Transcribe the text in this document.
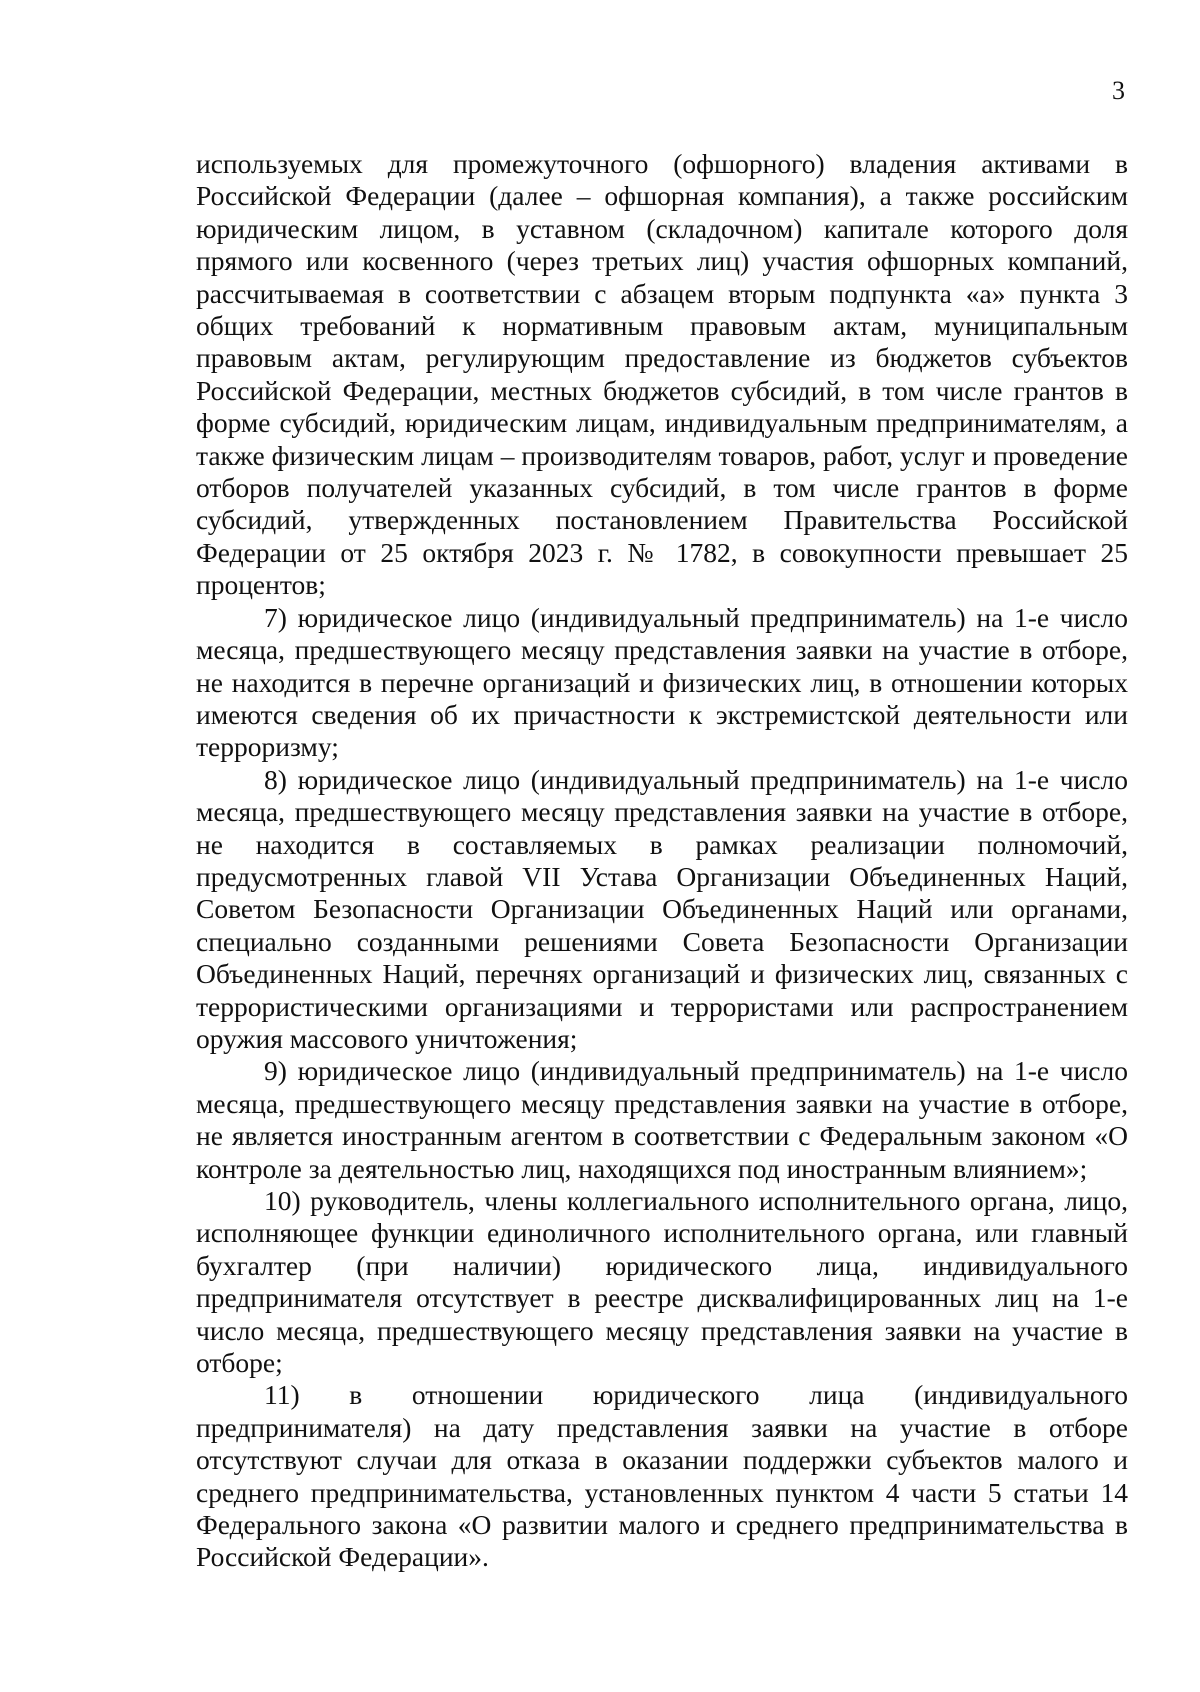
3

используемых для промежуточного (офшорного) владения активами в Российской Федерации (далее – офшорная компания), а также российским юридическим лицом, в уставном (складочном) капитале которого доля прямого или косвенного (через третьих лиц) участия офшорных компаний, рассчитываемая в соответствии с абзацем вторым подпункта «а» пункта 3 общих требований к нормативным правовым актам, муниципальным правовым актам, регулирующим предоставление из бюджетов субъектов Российской Федерации, местных бюджетов субсидий, в том числе грантов в форме субсидий, юридическим лицам, индивидуальным предпринимателям, а также физическим лицам – производителям товаров, работ, услуг и проведение отборов получателей указанных субсидий, в том числе грантов в форме субсидий, утвержденных постановлением Правительства Российской Федерации от 25 октября 2023 г. № 1782, в совокупности превышает 25 процентов;

7) юридическое лицо (индивидуальный предприниматель) на 1-е число месяца, предшествующего месяцу представления заявки на участие в отборе, не находится в перечне организаций и физических лиц, в отношении которых имеются сведения об их причастности к экстремистской деятельности или терроризму;

8) юридическое лицо (индивидуальный предприниматель) на 1-е число месяца, предшествующего месяцу представления заявки на участие в отборе, не находится в составляемых в рамках реализации полномочий, предусмотренных главой VII Устава Организации Объединенных Наций, Советом Безопасности Организации Объединенных Наций или органами, специально созданными решениями Совета Безопасности Организации Объединенных Наций, перечнях организаций и физических лиц, связанных с террористическими организациями и террористами или распространением оружия массового уничтожения;

9) юридическое лицо (индивидуальный предприниматель) на 1-е число месяца, предшествующего месяцу представления заявки на участие в отборе, не является иностранным агентом в соответствии с Федеральным законом «О контроле за деятельностью лиц, находящихся под иностранным влиянием»;

10) руководитель, члены коллегиального исполнительного органа, лицо, исполняющее функции единоличного исполнительного органа, или главный бухгалтер (при наличии) юридического лица, индивидуального предпринимателя отсутствует в реестре дисквалифицированных лиц на 1-е число месяца, предшествующего месяцу представления заявки на участие в отборе;

11) в отношении юридического лица (индивидуального предпринимателя) на дату представления заявки на участие в отборе отсутствуют случаи для отказа в оказании поддержки субъектов малого и среднего предпринимательства, установленных пунктом 4 части 5 статьи 14 Федерального закона «О развитии малого и среднего предпринимательства в Российской Федерации».
